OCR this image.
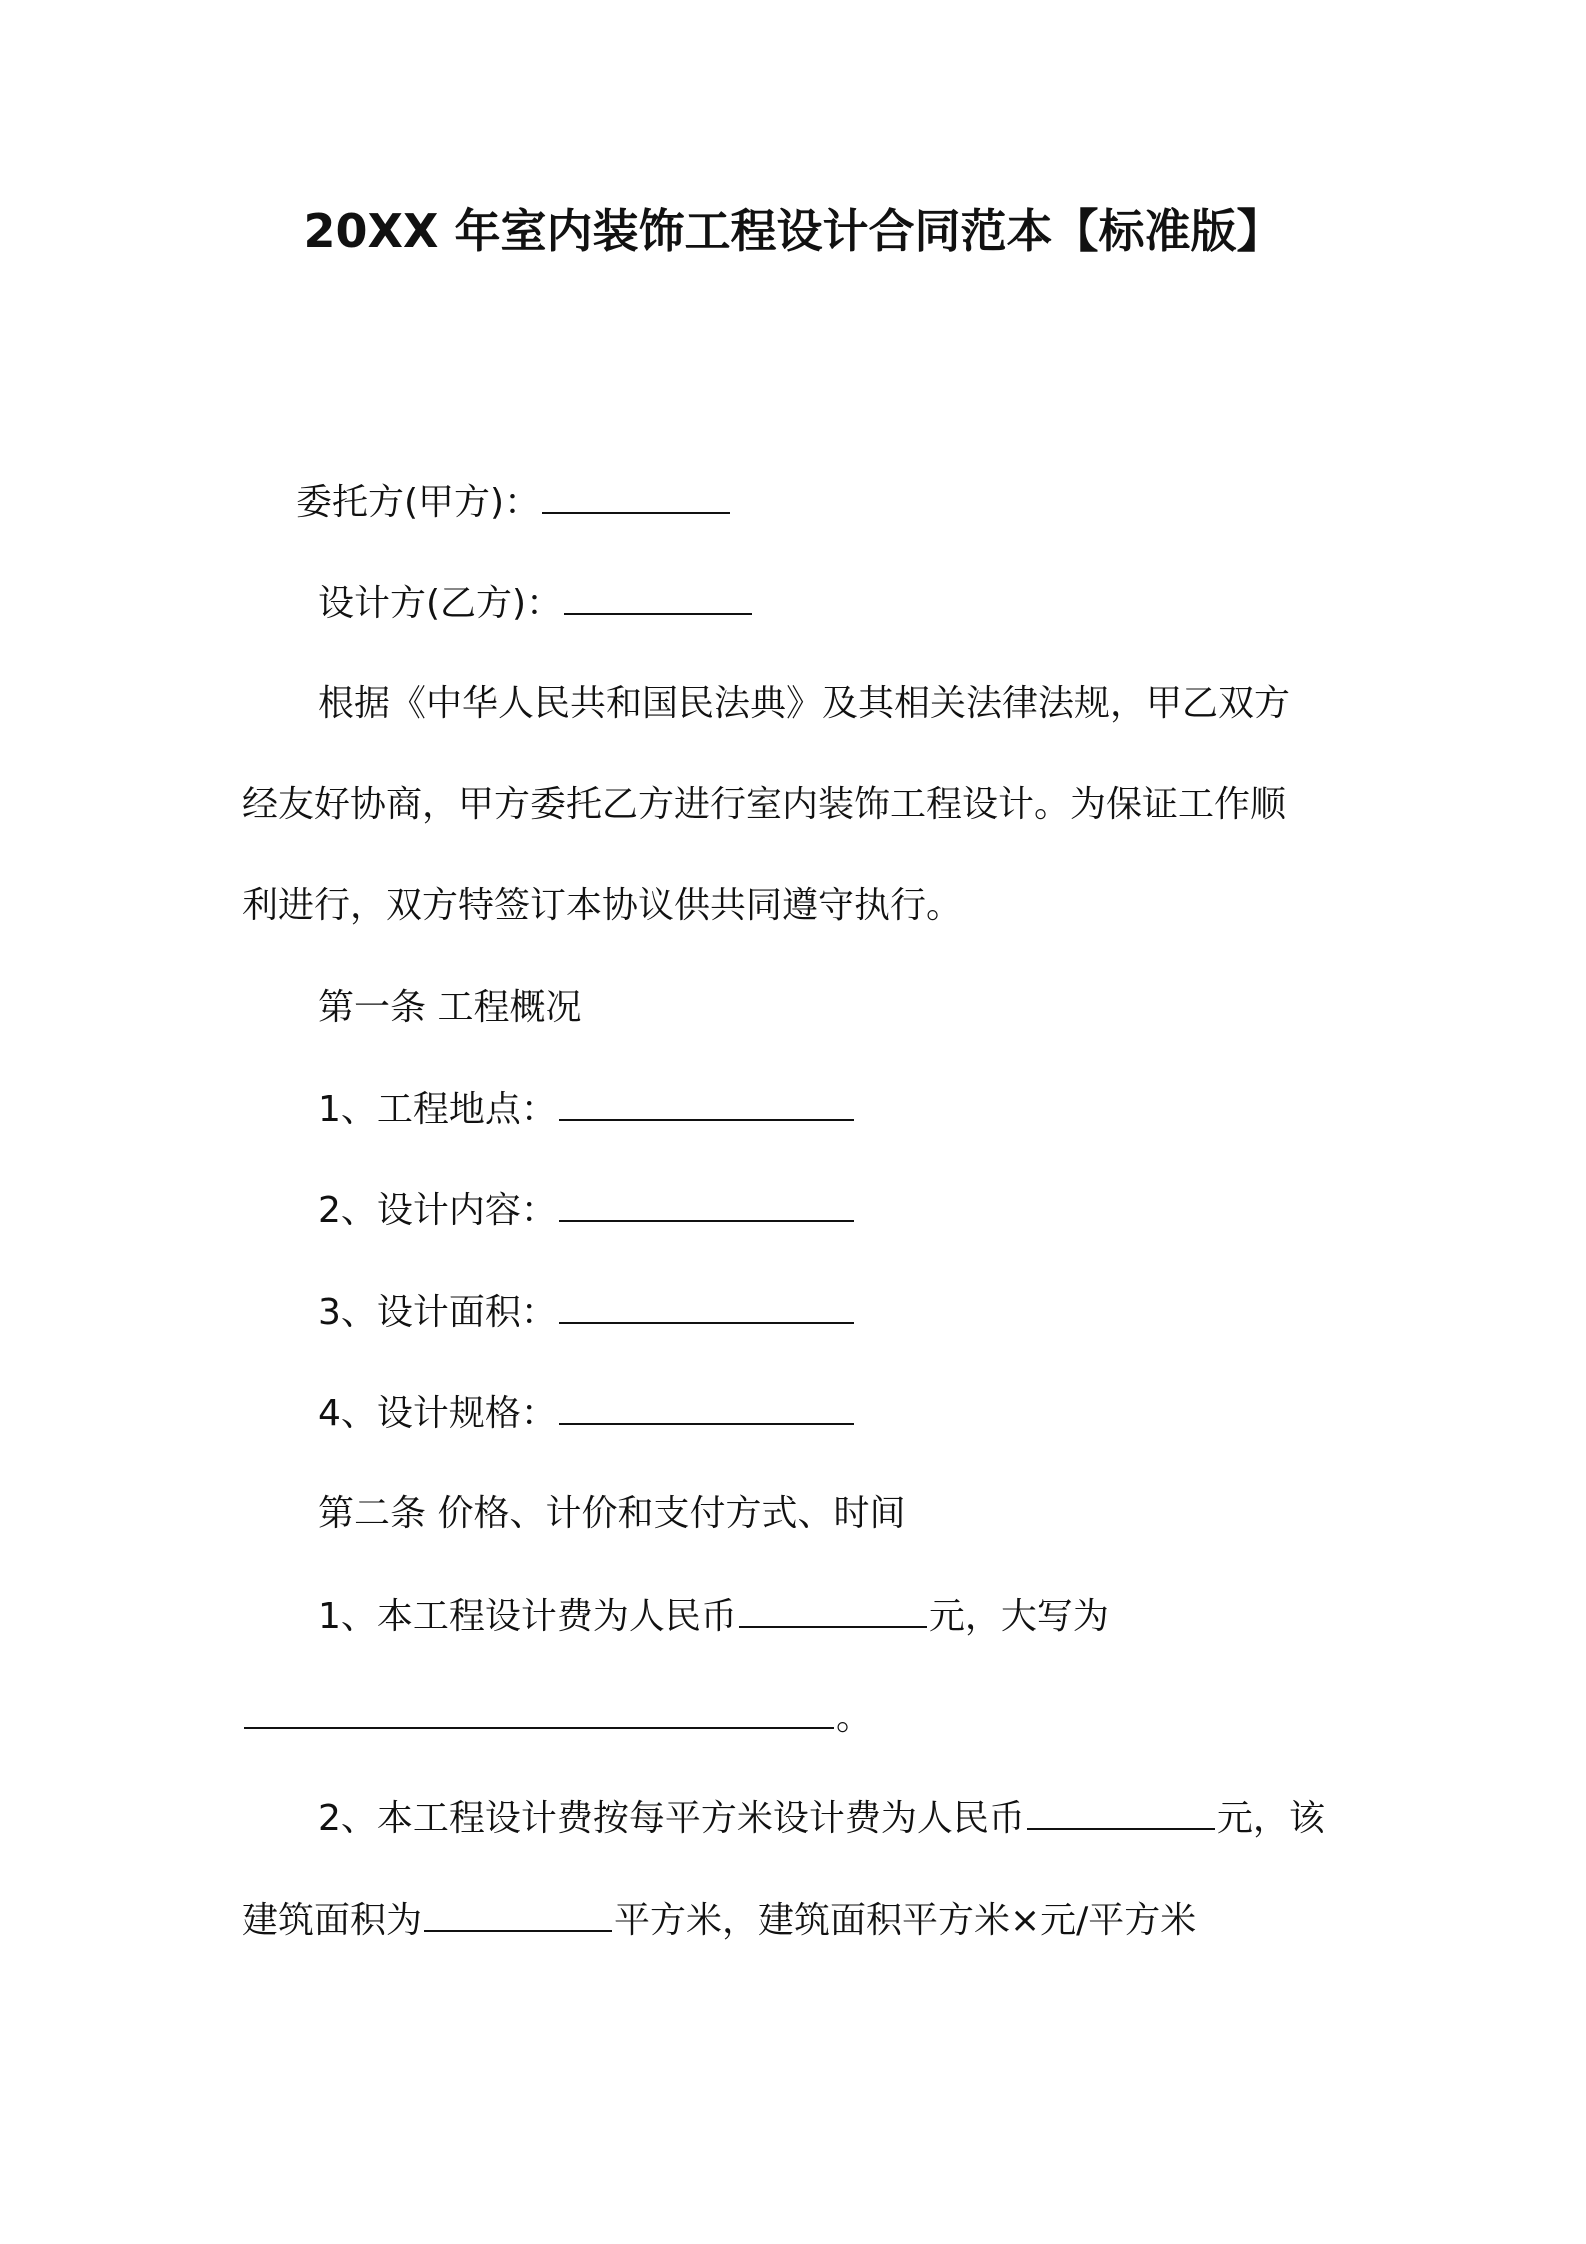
20XX 年室内装饰工程设计合同范本【标准版】
委托方(甲方)：
设计方(乙方)：
根据《中华人民共和国民法典》及其相关法律法规，甲乙双方
经友好协商，甲方委托乙方进行室内装饰工程设计。为保证工作顺
利进行，双方特签订本协议供共同遵守执行。
第一条 工程概况
1、工程地点：
2、设计内容：
3、设计面积：
4、设计规格：
第二条 价格、计价和支付方式、时间
1、本工程设计费为人民币	元，大写为
。
2、本工程设计费按每平方米设计费为人民币	元，该
建筑面积为	平方米，建筑面积平方米×元/平方米
